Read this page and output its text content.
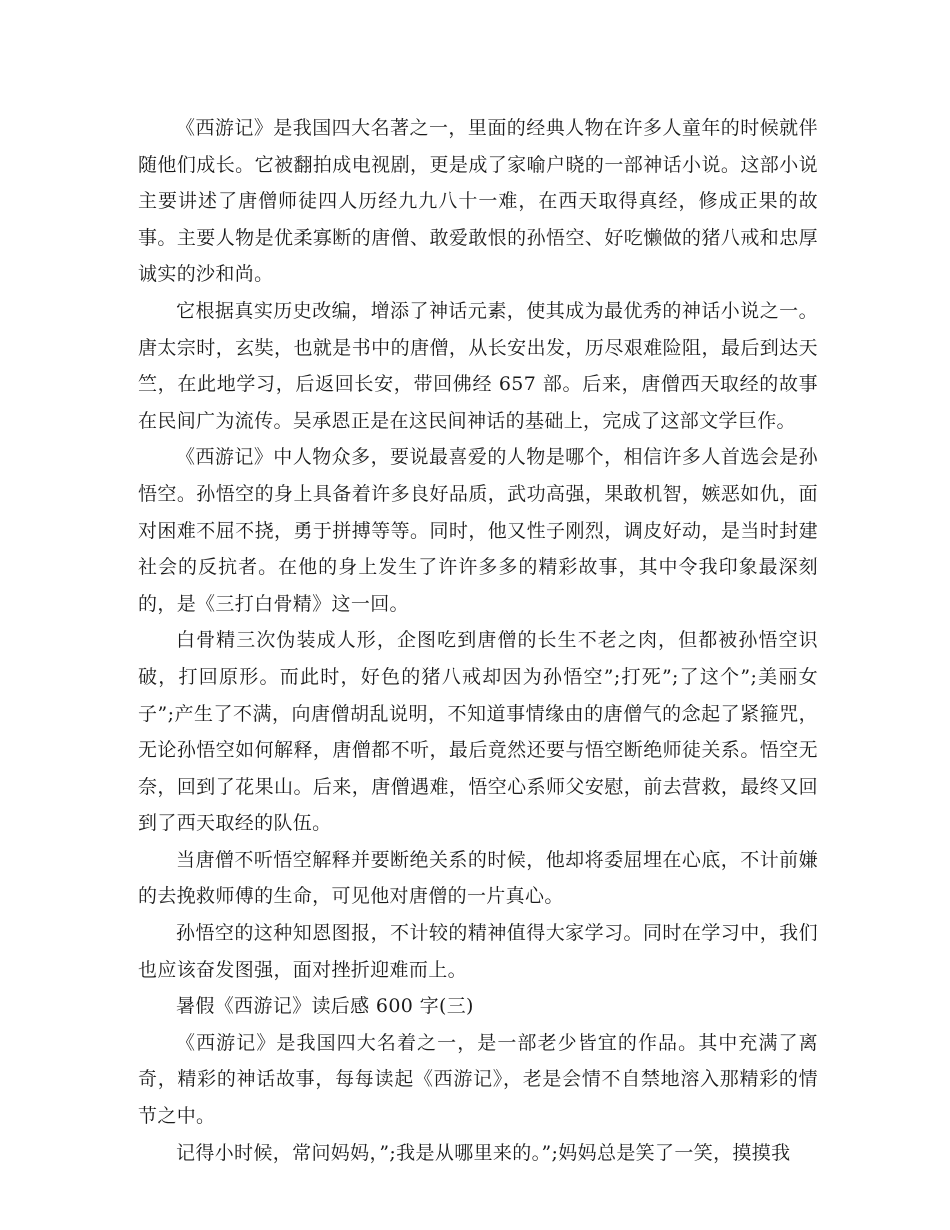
《西游记》是我国四大名著之一，里面的经典人物在许多人童年的时候就伴随他们成长。它被翻拍成电视剧，更是成了家喻户晓的一部神话小说。这部小说主要讲述了唐僧师徒四人历经九九八十一难，在西天取得真经，修成正果的故事。主要人物是优柔寡断的唐僧、敢爱敢恨的孙悟空、好吃懒做的猪八戒和忠厚诚实的沙和尚。

它根据真实历史改编，增添了神话元素，使其成为最优秀的神话小说之一。唐太宗时，玄奘，也就是书中的唐僧，从长安出发，历尽艰难险阻，最后到达天竺，在此地学习，后返回长安，带回佛经 657 部。后来，唐僧西天取经的故事在民间广为流传。吴承恩正是在这民间神话的基础上，完成了这部文学巨作。

《西游记》中人物众多，要说最喜爱的人物是哪个，相信许多人首选会是孙悟空。孙悟空的身上具备着许多良好品质，武功高强，果敢机智，嫉恶如仇，面对困难不屈不挠，勇于拼搏等等。同时，他又性子刚烈，调皮好动，是当时封建社会的反抗者。在他的身上发生了许许多多的精彩故事，其中令我印象最深刻的，是《三打白骨精》这一回。

白骨精三次伪装成人形，企图吃到唐僧的长生不老之肉，但都被孙悟空识破，打回原形。而此时，好色的猪八戒却因为孙悟空”;打死”;了这个”;美丽女子”;产生了不满，向唐僧胡乱说明，不知道事情缘由的唐僧气的念起了紧箍咒，无论孙悟空如何解释，唐僧都不听，最后竟然还要与悟空断绝师徒关系。悟空无奈，回到了花果山。后来，唐僧遇难，悟空心系师父安慰，前去营救，最终又回到了西天取经的队伍。

当唐僧不听悟空解释并要断绝关系的时候，他却将委屈埋在心底，不计前嫌的去挽救师傅的生命，可见他对唐僧的一片真心。

孙悟空的这种知恩图报，不计较的精神值得大家学习。同时在学习中，我们也应该奋发图强，面对挫折迎难而上。

暑假《西游记》读后感 600 字(三)

《西游记》是我国四大名着之一，是一部老少皆宜的作品。其中充满了离奇，精彩的神话故事，每每读起《西游记》，老是会情不自禁地溶入那精彩的情节之中。

记得小时候，常问妈妈，”;我是从哪里来的。”;妈妈总是笑了一笑，摸摸我
